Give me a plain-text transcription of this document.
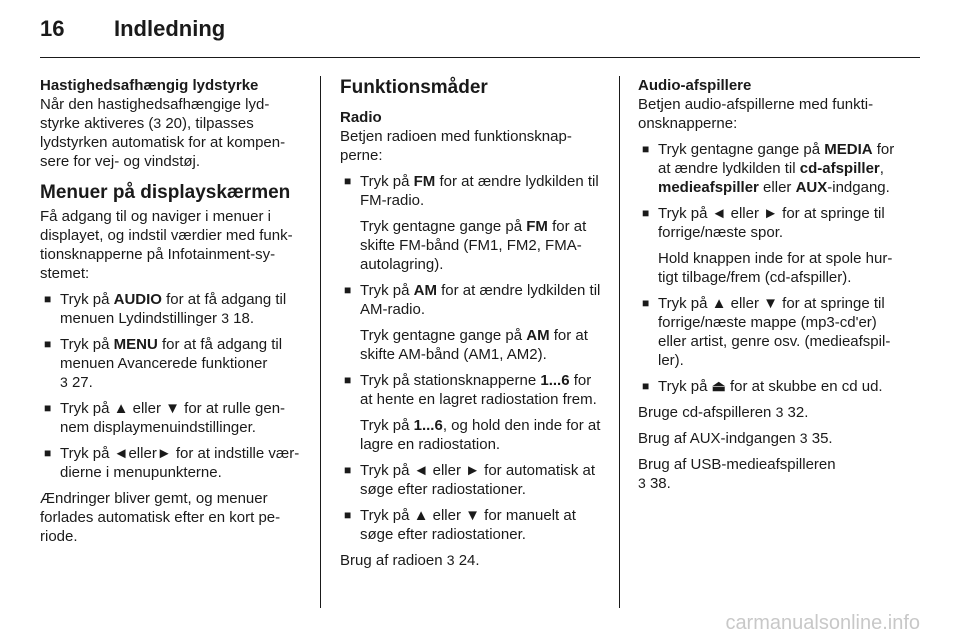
16 Indledning
Hastighedsafhængig lydstyrke

Når den hastighedsafhængige lyd-styrke aktiveres (3 20), tilpasses lydstyrken automatisk for at kompen-sere for vej- og vindstøj.

Menuer på displayskærmen

Få adgang til og naviger i menuer i displayet, og indstil værdier med funk-tionsknapperne på Infotainment-sy-stemet:

■ Tryk på AUDIO for at få adgang til menuen Lydindstillinger 3 18.
■ Tryk på MENU for at få adgang til menuen Avancerede funktioner
3 27.
■ Tryk på ▲ eller ▼ for at rulle gen-nem displaymenuindstillinger.
■ Tryk på ◄eller► for at indstille vær-dierne i menupunkterne.

Ændringer bliver gemt, og menuer forlades automatisk efter en kort pe-riode.

Funktionsmåder
Radio

Betjen radioen med funktionsknap-perne:

■ Tryk på FM for at ændre lydkilden til FM-radio.
Tryk gentagne gange på FM for at skifte FM-bånd (FM1, FM2, FMA-autolagring).
■ Tryk på AM for at ændre lydkilden til AM-radio.
Tryk gentagne gange på AM for at skifte AM-bånd (AM1, AM2).
■ Tryk på stationsknapperne 1...6 for at hente en lagret radiostation frem.
Tryk på 1...6, og hold den inde for at lagre en radiostation.
■ Tryk på ◄ eller ► for automatisk at søge efter radiostationer.
■ Tryk på ▲ eller ▼ for manuelt at søge efter radiostationer.

Brug af radioen 3 24.

Audio-afspillere

Betjen audio-afspillerne med funkti-onsknapperne:

■ Tryk gentagne gange på MEDIA for at ændre lydkilden til cd-afspiller, medieafspiller eller AUX-indgang.
■ Tryk på ◄ eller ► for at springe til forrige/næste spor.
Hold knappen inde for at spole hur-tigt tilbage/frem (cd-afspiller).
■ Tryk på ▲ eller ▼ for at springe til forrige/næste mappe (mp3-cd'er) eller artist, genre osv. (medieafspil-ler).
■ Tryk på ⏏ for at skubbe en cd ud.

Bruge cd-afspilleren 3 32.

Brug af AUX-indgangen 3 35.

Brug af USB-medieafspilleren
3 38.

carmanualsonline.info
